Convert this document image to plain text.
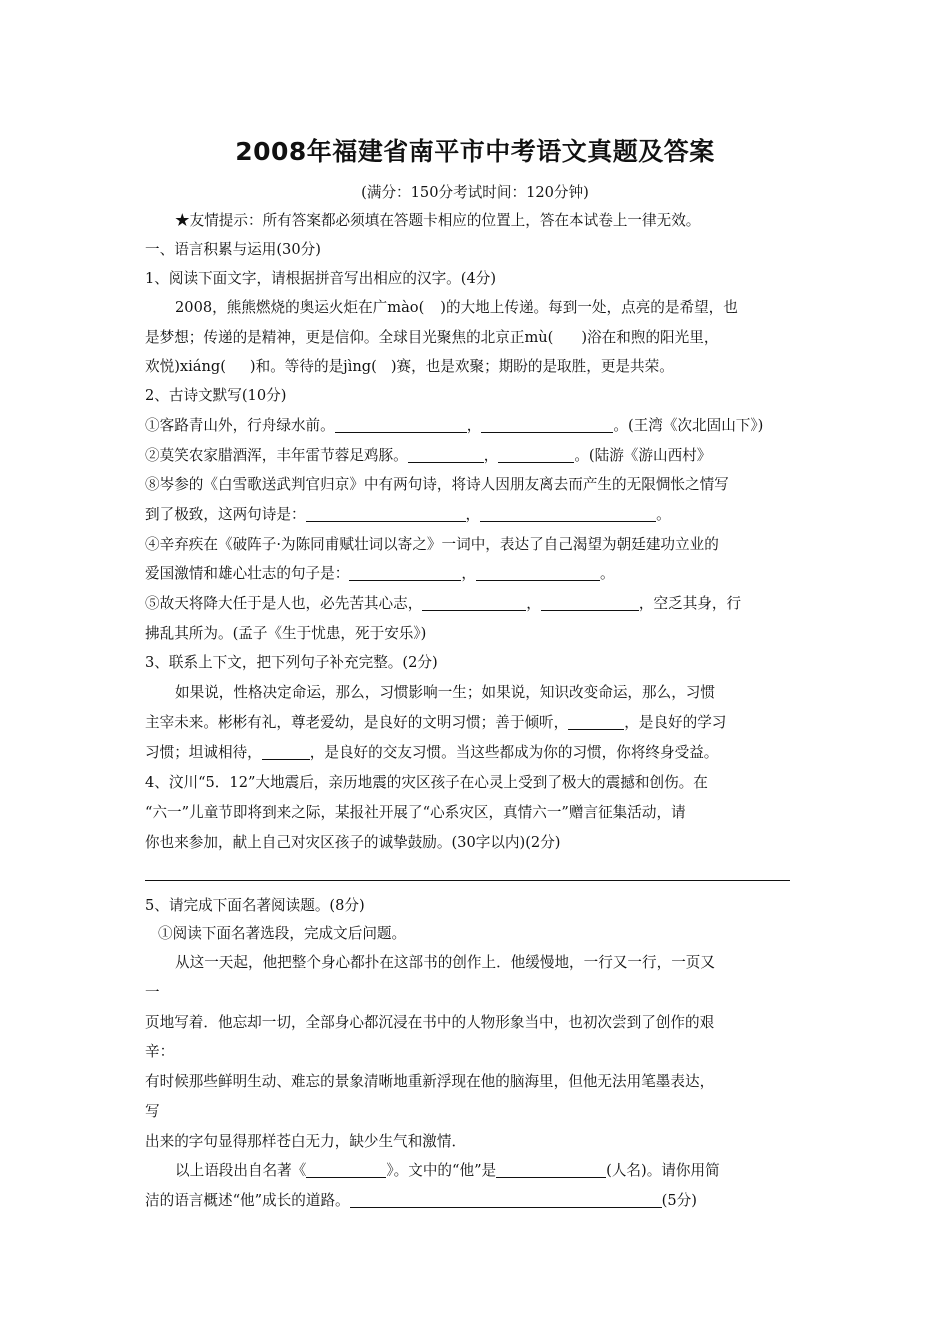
2008年福建省南平市中考语文真题及答案
(满分：150分考试时间：120分钟)
★友情提示：所有答案都必须填在答题卡相应的位置上，答在本试卷上一律无效。
一、语言积累与运用(30分)
1、阅读下面文字，请根据拼音写出相应的汉字。(4分)
2008，熊熊燃烧的奥运火炬在广mào( )的大地上传递。每到一处，点亮的是希望，也
是梦想；传递的是精神，更是信仰。全球目光聚焦的北京正mù( )浴在和煦的阳光里，
欢悦)xiáng( )和。等待的是jìng( )赛，也是欢聚；期盼的是取胜，更是共荣。
2、古诗文默写(10分)
①客路青山外，行舟绿水前。	，	。(王湾《次北固山下》)
②莫笑农家腊酒浑，丰年雷节蓉足鸡豚。	，	。(陆游《游山西村》
⑧岑参的《白雪歌送武判官归京》中有两句诗，将诗人因朋友离去而产生的无限惆怅之情写
到了极致，这两句诗是：	，	。
④辛弃疾在《破阵子·为陈同甫赋壮词以寄之》一词中，表达了自己渴望为朝廷建功立业的
爱国激情和雄心壮志的句子是：	，	。
⑤故天将降大任于是人也，必先苦其心志，	，	，空乏其身，行
拂乱其所为。(孟子《生于忧患，死于安乐》)
3、联系上下文，把下列句子补充完整。(2分)
如果说，性格决定命运，那么，习惯影响一生；如果说，知识改变命运，那么，习惯
主宰未来。彬彬有礼，尊老爱幼，是良好的文明习惯；善于倾听，	，是良好的学习
习惯；坦诚相待，	，是良好的交友习惯。当这些都成为你的习惯，你将终身受益。
4、汶川“5．12”大地震后，亲历地震的灾区孩子在心灵上受到了极大的震撼和创伤。在
“六一”儿童节即将到来之际，某报社开展了“心系灾区，真情六一”赠言征集活动，请
你也来参加，献上自己对灾区孩子的诚挚鼓励。(30字以内)(2分)
5、请完成下面名著阅读题。(8分)
①阅读下面名著选段，完成文后问题。
从这一天起，他把整个身心都扑在这部书的创作上．他缓慢地，一行又一行，一页又
一
页地写着．他忘却一切，全部身心都沉浸在书中的人物形象当中，也初次尝到了创作的艰
辛：
有时候那些鲜明生动、难忘的景象清晰地重新浮现在他的脑海里，但他无法用笔墨表达，
写
出来的字句显得那样苍白无力，缺少生气和激情．
以上语段出自名著《	》。文中的“他”是	(人名)。请你用简
洁的语言概述“他”成长的道路。	(5分)
